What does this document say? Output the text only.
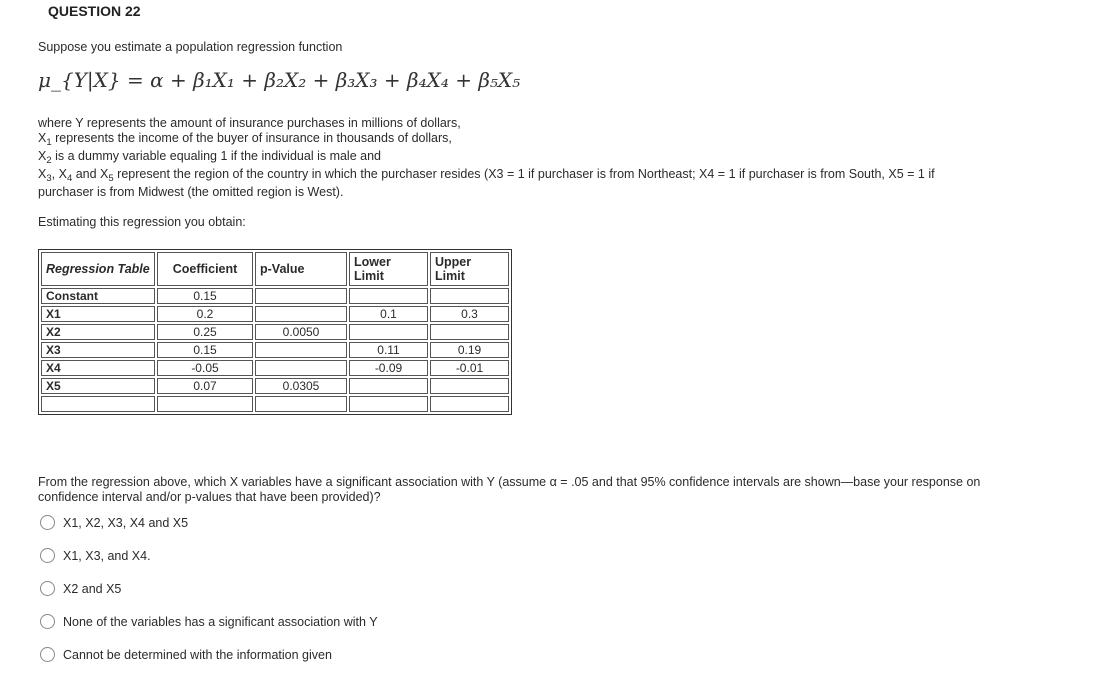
QUESTION 22
Suppose you estimate a population regression function
μ_{Y|X} = α + β₁X₁ + β₂X₂ + β₃X₃ + β₄X₄ + β₅X₅
where Y represents the amount of insurance purchases in millions of dollars,
$X_1$ represents the income of the buyer of insurance in thousands of dollars,
$X_2$ is a dummy variable equaling 1 if the individual is male and
$X_3$, $X_4$ and $X_5$ represent the region of the country in which the purchaser resides (X3 = 1 if purchaser is from Northeast; X4 = 1 if purchaser is from South, X5 = 1 if
purchaser is from Midwest (the omitted region is West).
Estimating this regression you obtain:
Regression Table	Coefficient	p-Value	Lower Limit	Upper Limit
Constant	0.15			
X1	0.2		0.1	0.3
X2	0.25	0.0050		
X3	0.15		0.11	0.19
X4	-0.05		-0.09	-0.01
X5	0.07	0.0305		

From the regression above, which X variables have a significant association with Y (assume α = .05 and that 95% confidence intervals are shown—base your response on
confidence interval and/or p-values that have been provided)?
X1, X2, X3, X4 and X5
X1, X3, and X4.
X2 and X5
None of the variables has a significant association with Y
Cannot be determined with the information given
